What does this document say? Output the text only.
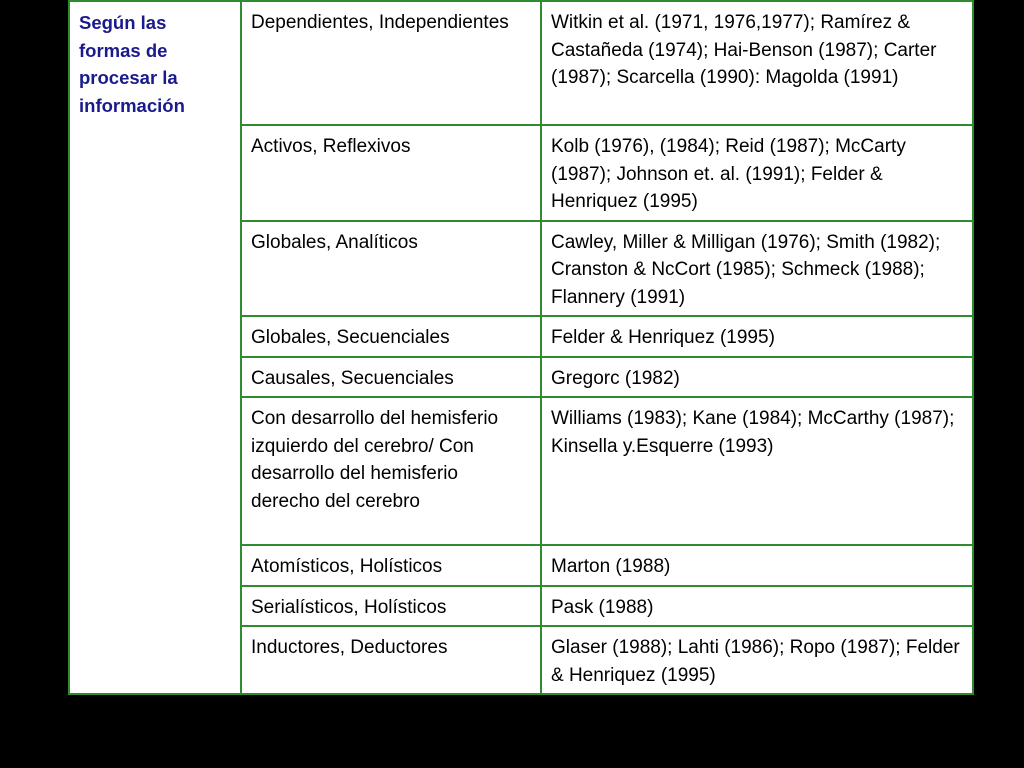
Según las formas de procesar la información	Dependientes, Independientes	Witkin et al. (1971, 1976,1977); Ramírez & Castañeda (1974); Hai-Benson (1987); Carter (1987); Scarcella (1990): Magolda (1991)
	Activos, Reflexivos	Kolb (1976), (1984); Reid (1987); McCarty (1987); Johnson et. al. (1991); Felder & Henriquez (1995)
	Globales, Analíticos	Cawley, Miller & Milligan (1976); Smith (1982); Cranston & NcCort (1985); Schmeck (1988); Flannery (1991)
	Globales, Secuenciales	Felder & Henriquez (1995)
	Causales, Secuenciales	Gregorc (1982)
	Con desarrollo del hemisferio izquierdo del cerebro/ Con desarrollo del hemisferio derecho del cerebro	Williams (1983); Kane (1984); McCarthy (1987); Kinsella y.Esquerre (1993)
	Atomísticos, Holísticos	Marton (1988)
	Serialísticos, Holísticos	Pask (1988)
	Inductores, Deductores	Glaser (1988); Lahti (1986); Ropo (1987); Felder & Henriquez (1995)
